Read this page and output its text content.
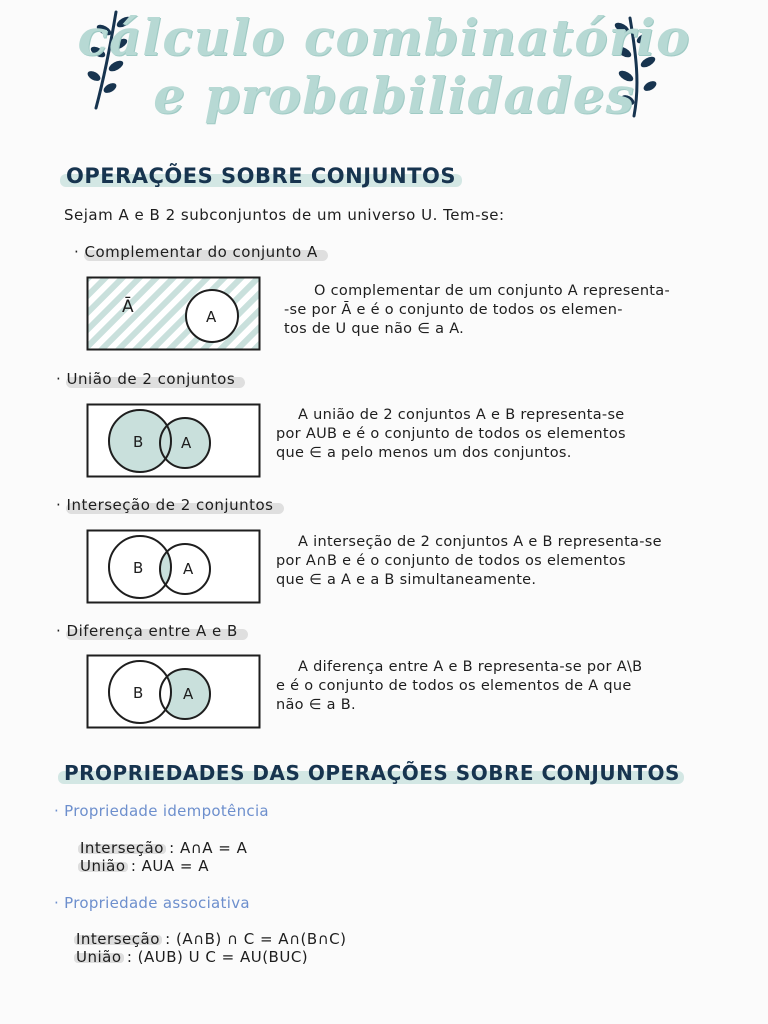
cálculo combinatório
e probabilidades
OPERAÇÕES SOBRE CONJUNTOS
Sejam A e B 2 subconjuntos de um universo U. Tem-se:
· Complementar do conjunto A
Ā	A
O complementar de um conjunto A representa-
-se por Ā e é o conjunto de todos os elemen-
tos de U que não ∈ a A.
· União de 2 conjuntos
B	A
A união de 2 conjuntos A e B representa-se
por AUB e é o conjunto de todos os elementos
que ∈ a pelo menos um dos conjuntos.
· Interseção de 2 conjuntos
B	A
A interseção de 2 conjuntos A e B representa-se
por A∩B e é o conjunto de todos os elementos
que ∈ a A e a B simultaneamente.
· Diferença entre A e B
B	A
A diferença entre A e B representa-se por A\B
e é o conjunto de todos os elementos de A que
não ∈ a B.
PROPRIEDADES DAS OPERAÇÕES SOBRE CONJUNTOS
· Propriedade idempotência
Interseção : A∩A = A
União : AUA = A
· Propriedade associativa
Interseção : (A∩B) ∩ C = A∩(B∩C)
União : (AUB) U C = AU(BUC)
